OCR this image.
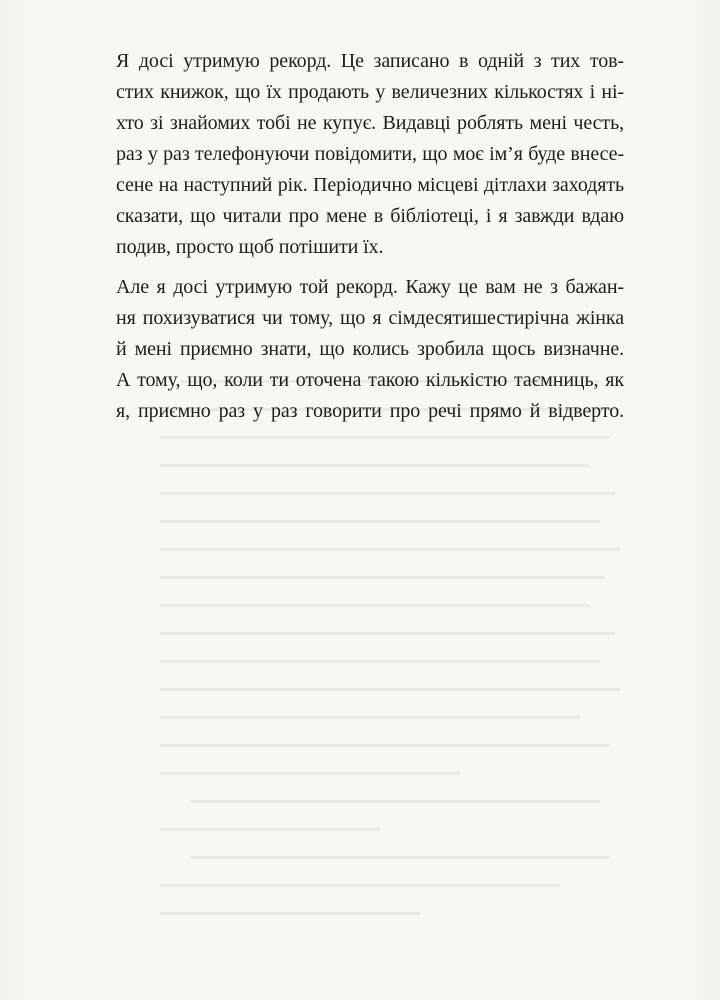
Я досі утримую рекорд. Це записано в одній з тих тов-

стих книжок, що їх продають у величезних кількостях і ні-

хто зі знайомих тобі не купує. Видавці роблять мені честь,

раз у раз телефонуючи повідомити, що моє ім’я буде внесе-

сене на наступний рік. Періодично місцеві дітлахи заходять

сказати, що читали про мене в бібліотеці, і я завжди вдаю

подив, просто щоб потішити їх.

Але я досі утримую той рекорд. Кажу це вам не з бажан-

ня похизуватися чи тому, що я сімдесятишестирічна жінка

й мені приємно знати, що колись зробила щось визначне.

А тому, що, коли ти оточена такою кількістю таємниць, як

я, приємно раз у раз говорити про речі прямо й відверто.
